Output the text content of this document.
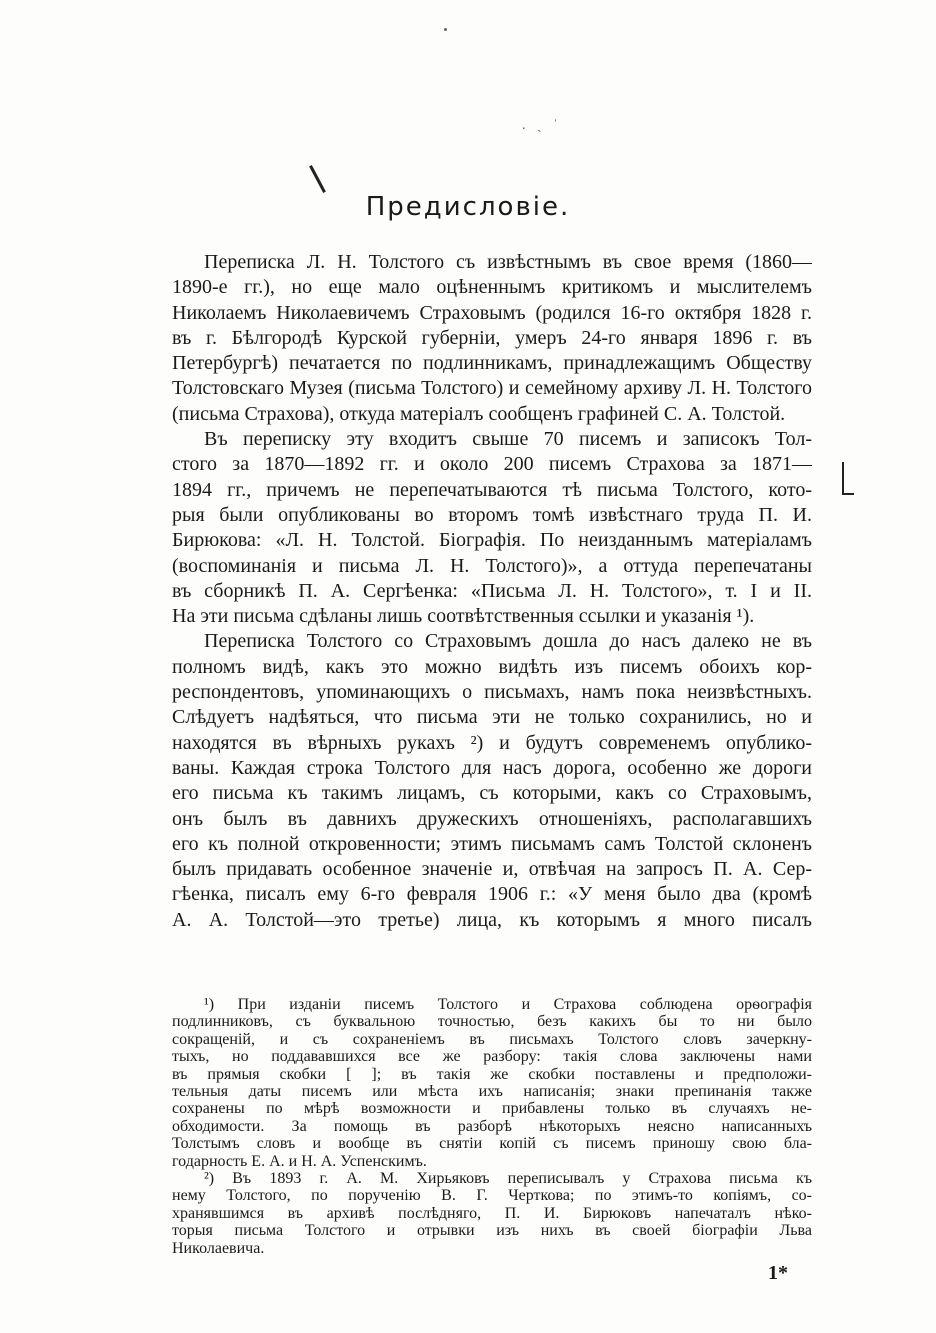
. ˎ ˈ
Предисловіе.
Переписка Л. Н. Толстого съ извѣстнымъ въ свое время (1860—
1890-е гг.), но еще мало оцѣненнымъ критикомъ и мыслителемъ
Николаемъ Николаевичемъ Страховымъ (родился 16-го октября 1828 г.
въ г. Бѣлгородѣ Курской губерніи, умеръ 24-го января 1896 г. въ
Петербургѣ) печатается по подлинникамъ, принадлежащимъ Обществу
Толстовскаго Музея (письма Толстого) и семейному архиву Л. Н. Толстого
(письма Страхова), откуда матеріалъ сообщенъ графиней С. А. Толстой.
Въ переписку эту входитъ свыше 70 писемъ и записокъ Тол-
стого за 1870—1892 гг. и около 200 писемъ Страхова за 1871—
1894 гг., причемъ не перепечатываются тѣ письма Толстого, кото-
рыя были опубликованы во второмъ томѣ извѣстнаго труда П. И.
Бирюкова: «Л. Н. Толстой. Біографія. По неизданнымъ матеріаламъ
(воспоминанія и письма Л. Н. Толстого)», а оттуда перепечатаны
въ сборникѣ П. А. Сергѣенка: «Письма Л. Н. Толстого», т. I и II.
На эти письма сдѣланы лишь соотвѣтственныя ссылки и указанія ¹).
Переписка Толстого со Страховымъ дошла до насъ далеко не въ
полномъ видѣ, какъ это можно видѣть изъ писемъ обоихъ кор-
респондентовъ, упоминающихъ о письмахъ, намъ пока неизвѣстныхъ.
Слѣдуетъ надѣяться, что письма эти не только сохранились, но и
находятся въ вѣрныхъ рукахъ ²) и будутъ современемъ опублико-
ваны. Каждая строка Толстого для насъ дорога, особенно же дороги
его письма къ такимъ лицамъ, съ которыми, какъ со Страховымъ,
онъ былъ въ давнихъ дружескихъ отношеніяхъ, располагавшихъ
его къ полной откровенности; этимъ письмамъ самъ Толстой склоненъ
былъ придавать особенное значеніе и, отвѣчая на запросъ П. А. Сер-
гѣенка, писалъ ему 6-го февраля 1906 г.: «У меня было два (кромѣ
А. А. Толстой—это третье) лица, къ которымъ я много писалъ
¹) При изданіи писемъ Толстого и Страхова соблюдена орѳографія
подлинниковъ, съ буквальною точностью, безъ какихъ бы то ни было
сокращеній, и съ сохраненіемъ въ письмахъ Толстого словъ зачеркну-
тыхъ, но поддававшихся все же разбору: такія слова заключены нами
въ прямыя скобки [ ]; въ такія же скобки поставлены и предположи-
тельныя даты писемъ или мѣста ихъ написанія; знаки препинанія также
сохранены по мѣрѣ возможности и прибавлены только въ случаяхъ не-
обходимости. За помощь въ разборѣ нѣкоторыхъ неясно написанныхъ
Толстымъ словъ и вообще въ снятіи копій съ писемъ приношу свою бла-
годарность Е. А. и Н. А. Успенскимъ.
²) Въ 1893 г. А. М. Хирьяковъ переписывалъ у Страхова письма къ
нему Толстого, по порученію В. Г. Черткова; по этимъ-то копіямъ, со-
хранявшимся въ архивѣ послѣдняго, П. И. Бирюковъ напечаталъ нѣко-
торыя письма Толстого и отрывки изъ нихъ въ своей біографіи Льва
Николаевича.
1*
